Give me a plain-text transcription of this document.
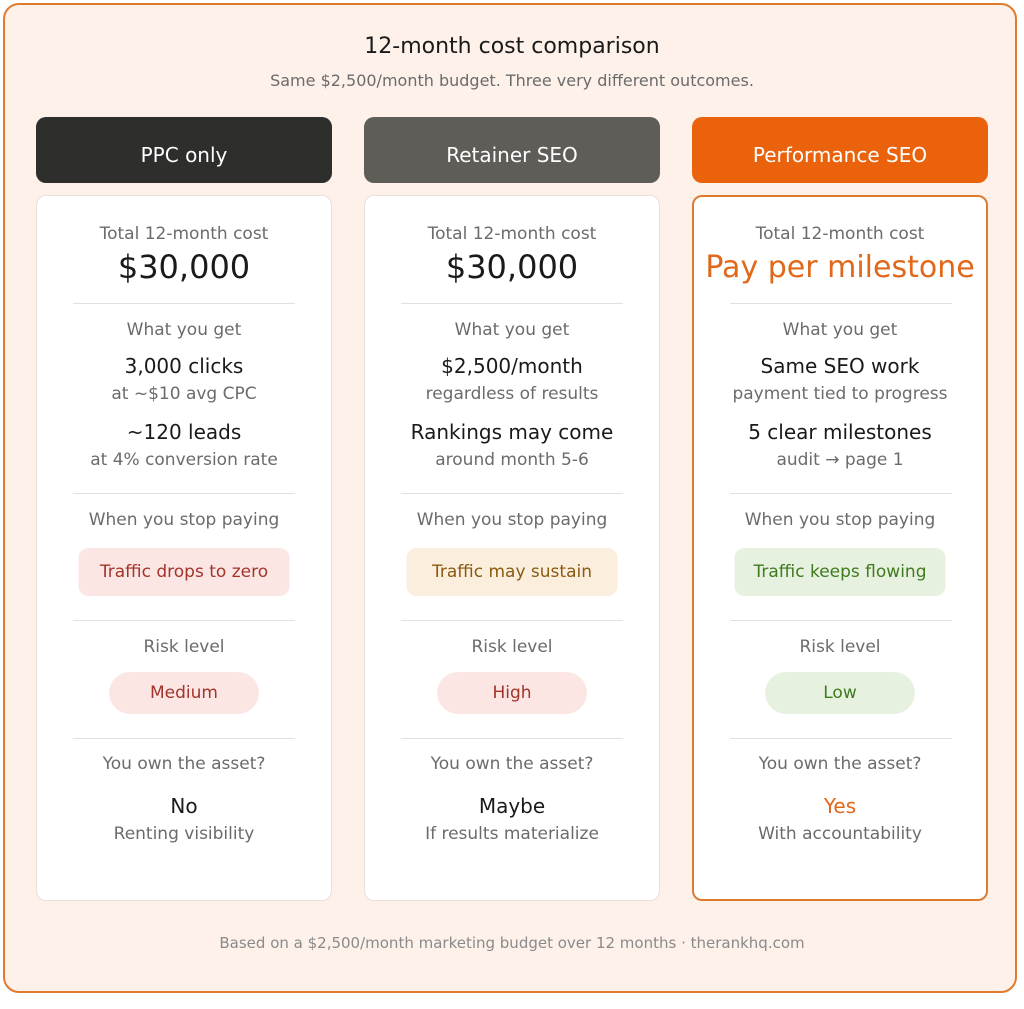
12-month cost comparison
Same $2,500/month budget. Three very different outcomes.
PPC only
Total 12-month cost
$30,000
What you get
3,000 clicks
at ~$10 avg CPC
~120 leads
at 4% conversion rate
When you stop paying
Traffic drops to zero
Risk level
Medium
You own the asset?
No
Renting visibility
Retainer SEO
Total 12-month cost
$30,000
What you get
$2,500/month
regardless of results
Rankings may come
around month 5-6
When you stop paying
Traffic may sustain
Risk level
High
You own the asset?
Maybe
If results materialize
Performance SEO
Total 12-month cost
Pay per milestone
What you get
Same SEO work
payment tied to progress
5 clear milestones
audit → page 1
When you stop paying
Traffic keeps flowing
Risk level
Low
You own the asset?
Yes
With accountability
Based on a $2,500/month marketing budget over 12 months · therankhq.com
